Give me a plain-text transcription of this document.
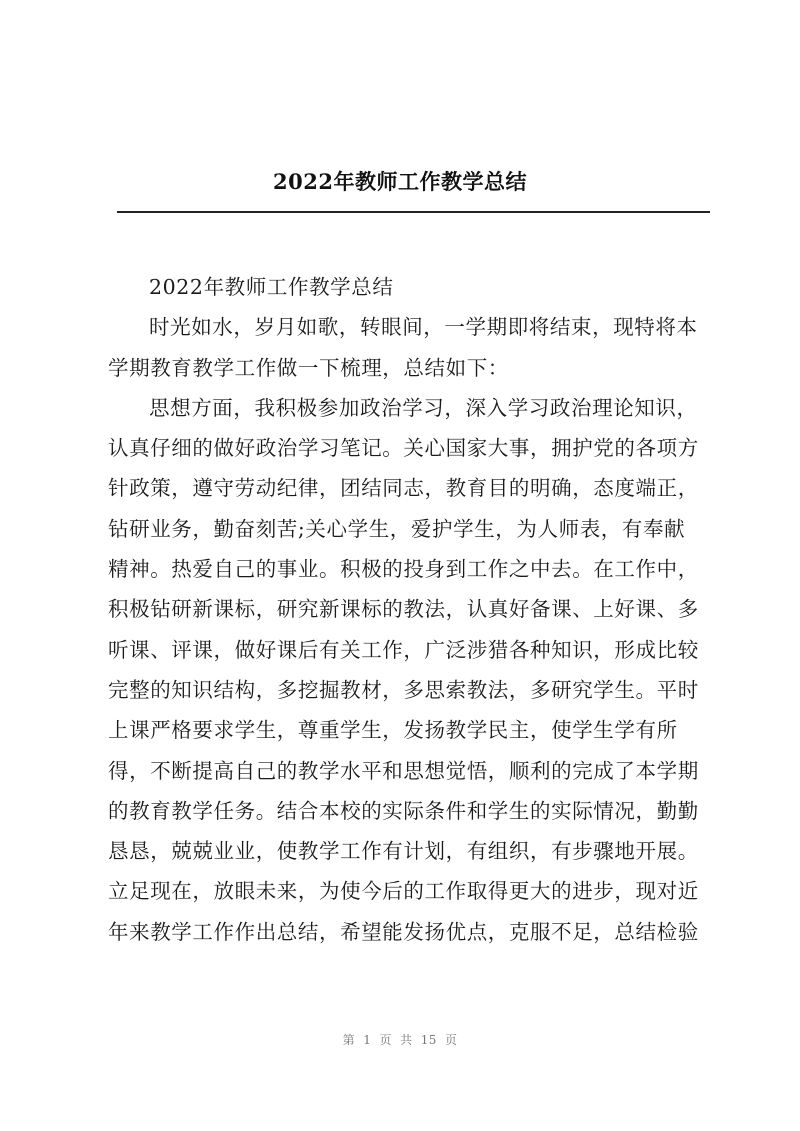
2022年教师工作教学总结
2022年教师工作教学总结
时光如水，岁月如歌，转眼间，一学期即将结束，现特将本
学期教育教学工作做一下梳理，总结如下：
思想方面，我积极参加政治学习，深入学习政治理论知识，
认真仔细的做好政治学习笔记。关心国家大事，拥护党的各项方
针政策，遵守劳动纪律，团结同志，教育目的明确，态度端正，
钻研业务，勤奋刻苦;关心学生，爱护学生，为人师表，有奉献
精神。热爱自己的事业。积极的投身到工作之中去。在工作中，
积极钻研新课标，研究新课标的教法，认真好备课、上好课、多
听课、评课，做好课后有关工作，广泛涉猎各种知识，形成比较
完整的知识结构，多挖掘教材，多思索教法，多研究学生。平时
上课严格要求学生，尊重学生，发扬教学民主，使学生学有所
得，不断提高自己的教学水平和思想觉悟，顺利的完成了本学期
的教育教学任务。结合本校的实际条件和学生的实际情况，勤勤
恳恳，兢兢业业，使教学工作有计划，有组织，有步骤地开展。
立足现在，放眼未来，为使今后的工作取得更大的进步，现对近
年来教学工作作出总结，希望能发扬优点，克服不足，总结检验
第 1 页 共 15 页
